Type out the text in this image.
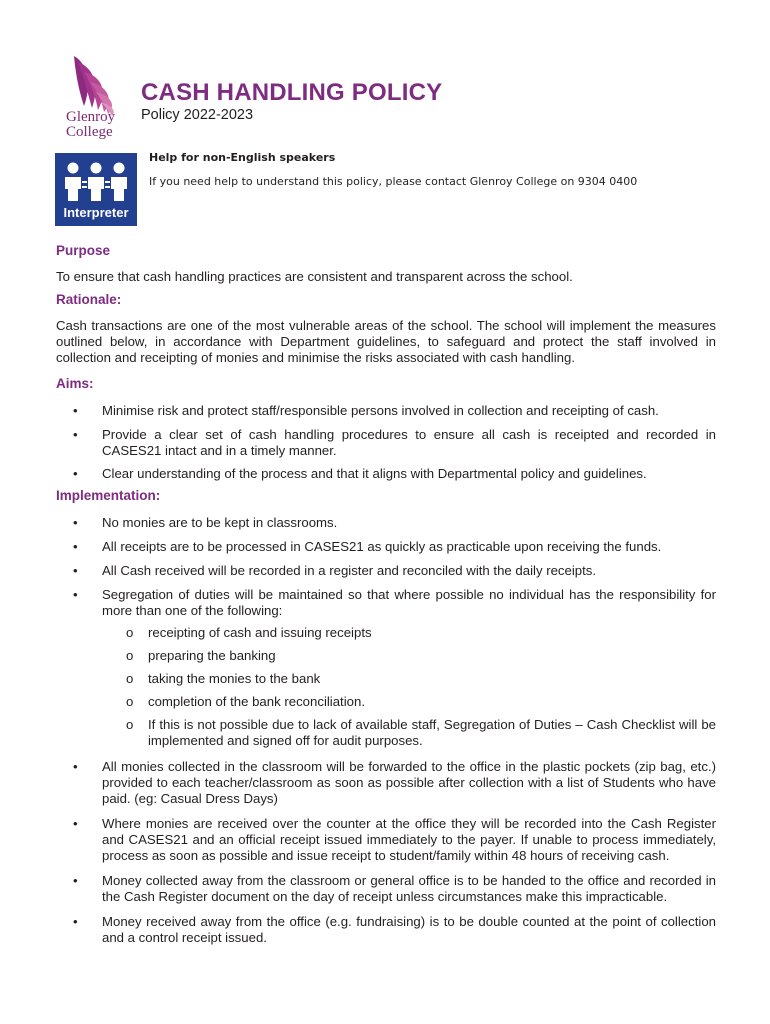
Glenroy
College
CASH HANDLING POLICY
Policy 2022-2023
Interpreter
Help for non-English speakers
If you need help to understand this policy, please contact Glenroy College on 9304 0400
Purpose

To ensure that cash handling practices are consistent and transparent across the school.

Rationale:

Cash transactions are one of the most vulnerable areas of the school. The school will implement the measures outlined below, in accordance with Department guidelines, to safeguard and protect the staff involved in collection and receipting of monies and minimise the risks associated with cash handling.

Aims:
• Minimise risk and protect staff/responsible persons involved in collection and receipting of cash.
• Provide a clear set of cash handling procedures to ensure all cash is receipted and recorded in CASES21 intact and in a timely manner.
• Clear understanding of the process and that it aligns with Departmental policy and guidelines.
Implementation:
• No monies are to be kept in classrooms.
• All receipts are to be processed in CASES21 as quickly as practicable upon receiving the funds.
• All Cash received will be recorded in a register and reconciled with the daily receipts.
• Segregation of duties will be maintained so that where possible no individual has the responsibility for more than one of the following:
o receipting of cash and issuing receipts
o preparing the banking
o taking the monies to the bank
o completion of the bank reconciliation.
o If this is not possible due to lack of available staff, Segregation of Duties – Cash Checklist will be implemented and signed off for audit purposes.
• All monies collected in the classroom will be forwarded to the office in the plastic pockets (zip bag, etc.) provided to each teacher/classroom as soon as possible after collection with a list of Students who have paid. (eg: Casual Dress Days)
• Where monies are received over the counter at the office they will be recorded into the Cash Register and CASES21 and an official receipt issued immediately to the payer. If unable to process immediately, process as soon as possible and issue receipt to student/family within 48 hours of receiving cash.
• Money collected away from the classroom or general office is to be handed to the office and recorded in the Cash Register document on the day of receipt unless circumstances make this impracticable.
• Money received away from the office (e.g. fundraising) is to be double counted at the point of collection and a control receipt issued.
